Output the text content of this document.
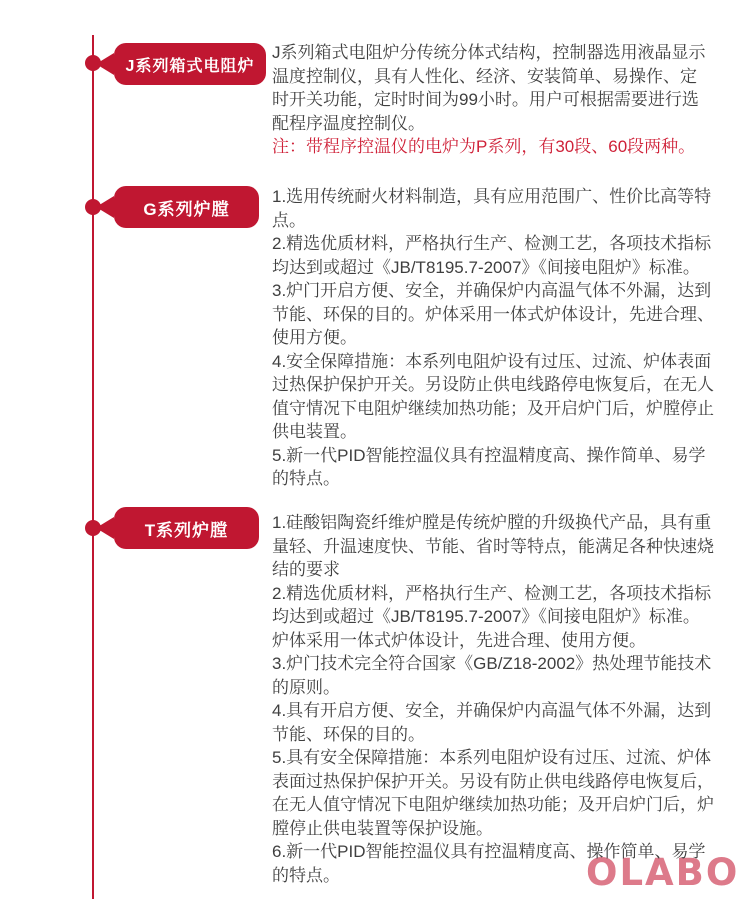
J系列箱式电阻炉
G系列炉膛
T系列炉膛
J系列箱式电阻炉分传统分体式结构，控制器选用液晶显示
温度控制仪，具有人性化、经济、安装简单、易操作、定
时开关功能，定时时间为99小时。用户可根据需要进行选
配程序温度控制仪。
注：带程序控温仪的电炉为P系列，有30段、60段两种。
1.选用传统耐火材料制造，具有应用范围广、性价比高等特
点。
2.精选优质材料，严格执行生产、检测工艺，各项技术指标
均达到或超过《JB/T8195.7-2007》《间接电阻炉》标准。
3.炉门开启方便、安全，并确保炉内高温气体不外漏，达到
节能、环保的目的。炉体采用一体式炉体设计，先进合理、
使用方便。
4.安全保障措施：本系列电阻炉设有过压、过流、炉体表面
过热保护保护开关。另设防止供电线路停电恢复后，在无人
值守情况下电阻炉继续加热功能；及开启炉门后，炉膛停止
供电装置。
5.新一代PID智能控温仪具有控温精度高、操作简单、易学
的特点。
1.硅酸铝陶瓷纤维炉膛是传统炉膛的升级换代产品，具有重
量轻、升温速度快、节能、省时等特点，能满足各种快速烧
结的要求
2.精选优质材料，严格执行生产、检测工艺，各项技术指标
均达到或超过《JB/T8195.7-2007》《间接电阻炉》标准。
炉体采用一体式炉体设计，先进合理、使用方便。
3.炉门技术完全符合国家《GB/Z18-2002》热处理节能技术
的原则。
4.具有开启方便、安全，并确保炉内高温气体不外漏，达到
节能、环保的目的。
5.具有安全保障措施：本系列电阻炉设有过压、过流、炉体
表面过热保护保护开关。另设有防止供电线路停电恢复后，
在无人值守情况下电阻炉继续加热功能；及开启炉门后，炉
膛停止供电装置等保护设施。
6.新一代PID智能控温仪具有控温精度高、操作简单、易学
的特点。	OLABO
